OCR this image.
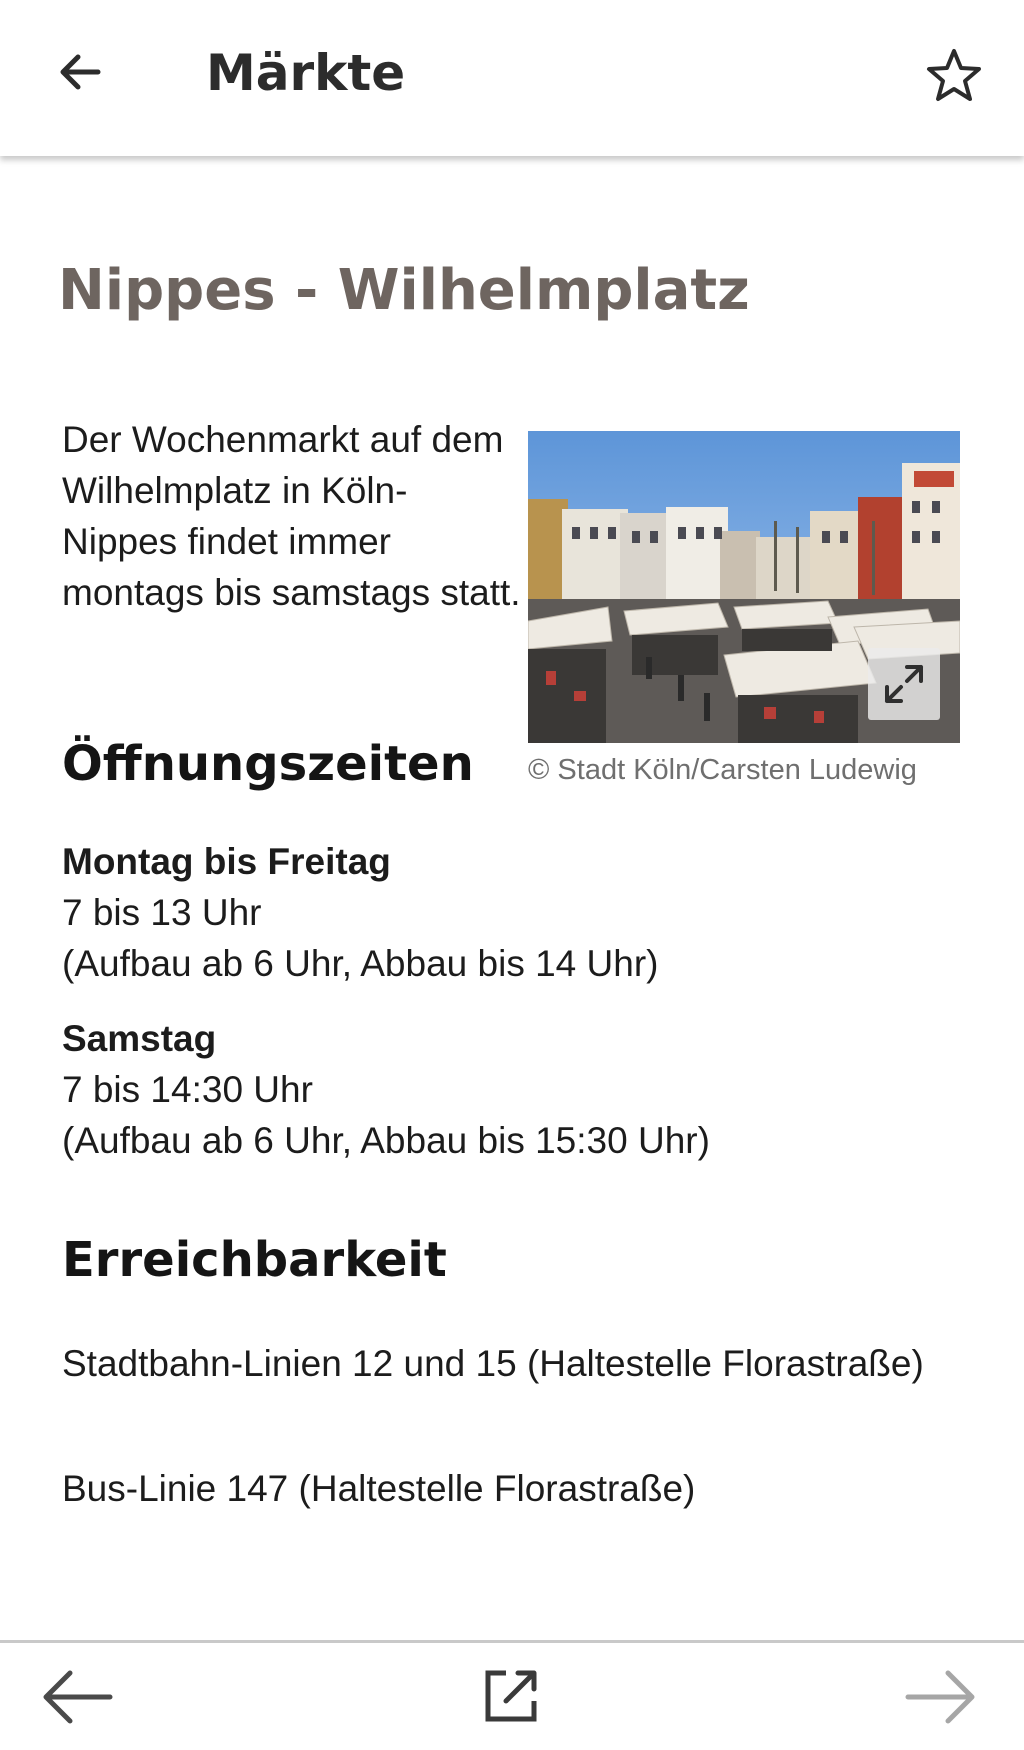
Märkte
Nippes - Wilhelmplatz

Der Wochenmarkt auf dem Wilhelmplatz in Köln-Nippes findet immer montags bis samstags statt.

© Stadt Köln/Carsten Ludewig
Öffnungszeiten
Montag bis Freitag
7 bis 13 Uhr
(Aufbau ab 6 Uhr, Abbau bis 14 Uhr)
Samstag
7 bis 14:30 Uhr
(Aufbau ab 6 Uhr, Abbau bis 15:30 Uhr)
Erreichbarkeit

Stadtbahn-Linien 12 und 15 (Haltestelle Florastraße)

Bus-Linie 147 (Haltestelle Florastraße)
